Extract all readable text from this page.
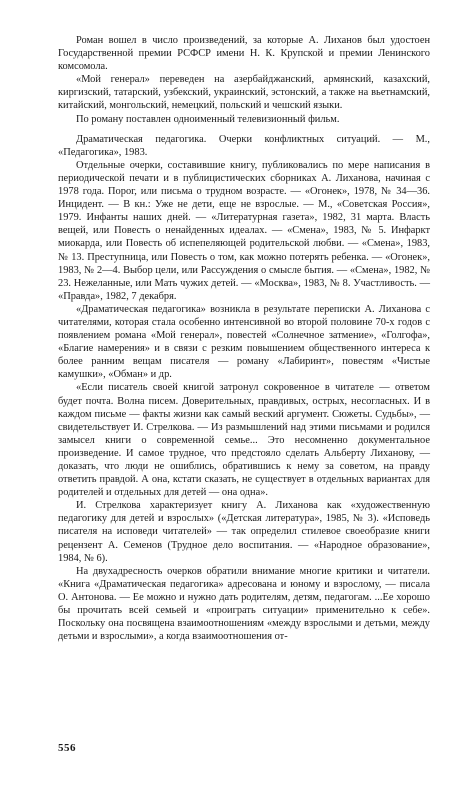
Роман вошел в число произведений, за которые А. Лиханов был удостоен Государственной премии РСФСР имени Н. К. Крупской и премии Ленинского комсомола.

«Мой генерал» переведен на азербайджанский, армянский, казахский, киргизский, татарский, узбекский, украинский, эстонский, а также на вьетнамский, китайский, монгольский, немецкий, польский и чешский языки.

По роману поставлен одноименный телевизионный фильм.

Драматическая педагогика. Очерки конфликтных ситуаций. — М., «Педагогика», 1983.

Отдельные очерки, составившие книгу, публиковались по мере написания в периодической печати и в публицистических сборниках А. Лиханова, начиная с 1978 года. Порог, или письма о трудном возрасте. — «Огонек», 1978, № 34—36. Инцидент. — В кн.: Уже не дети, еще не взрослые. — М., «Советская Россия», 1979. Инфанты наших дней. — «Литературная газета», 1982, 31 марта. Власть вещей, или Повесть о ненайденных идеалах. — «Смена», 1983, № 5. Инфаркт миокарда, или Повесть об испепеляющей родительской любви. — «Смена», 1983, № 13. Преступница, или Повесть о том, как можно потерять ребенка. — «Огонек», 1983, № 2—4. Выбор цели, или Рассуждения о смысле бытия. — «Смена», 1982, № 23. Нежеланные, или Мать чужих детей. — «Москва», 1983, № 8. Участливость. — «Правда», 1982, 7 декабря.

«Драматическая педагогика» возникла в результате переписки А. Лиханова с читателями, которая стала особенно интенсивной во второй половине 70-х годов с появлением романа «Мой генерал», повестей «Солнечное затмение», «Голгофа», «Благие намерения» и в связи с резким повышением общественного интереса к более ранним вещам писателя — роману «Лабиринт», повестям «Чистые камушки», «Обман» и др.

«Если писатель своей книгой затронул сокровенное в читателе — ответом будет почта. Волна писем. Доверительных, правдивых, острых, несогласных. И в каждом письме — факты жизни как самый веский аргумент. Сюжеты. Судьбы», — свидетельствует И. Стрелкова. — Из размышлений над этими письмами и родился замысел книги о современной семье... Это несомненно документальное произведение. И самое трудное, что предстояло сделать Альберту Лиханову, — доказать, что люди не ошиблись, обратившись к нему за советом, на правду ответить правдой. А она, кстати сказать, не существует в отдельных вариантах для родителей и отдельных для детей — она одна».

И. Стрелкова характеризует книгу А. Лиханова как «художественную педагогику для детей и взрослых» («Детская литература», 1985, № 3). «Исповедь писателя на исповеди читателей» — так определил стилевое своеобразие книги рецензент А. Семенов (Трудное дело воспитания. — «Народное образование», 1984, № 6).

На двухадресность очерков обратили внимание многие критики и читатели. «Книга «Драматическая педагогика» адресована и юному и взрослому, — писала О. Антонова. — Ее можно и нужно дать родителям, детям, педагогам. ...Ее хорошо бы прочитать всей семьей и «проиграть ситуации» применительно к себе». Поскольку она посвящена взаимоотношениям «между взрослыми и детьми, между детьми и взрослыми», а когда взаимоотношения от-

556
